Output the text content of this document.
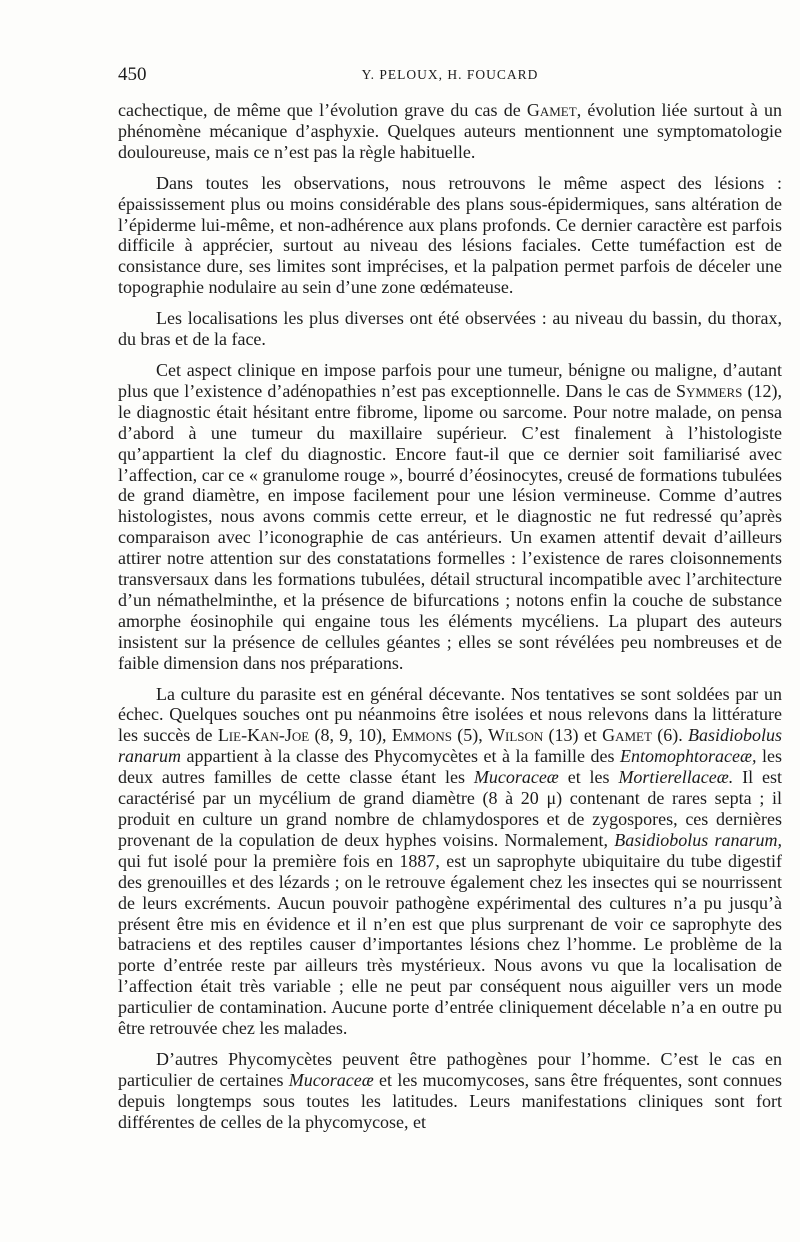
450	Y. PELOUX, H. FOUCARD

cachectique, de même que l’évolution grave du cas de Gamet, évolution liée surtout à un phénomène mécanique d’asphyxie. Quelques auteurs mentionnent une symptomatologie douloureuse, mais ce n’est pas la règle habituelle.

Dans toutes les observations, nous retrouvons le même aspect des lésions : épaississement plus ou moins considérable des plans sous-épidermiques, sans altération de l’épiderme lui-même, et non-adhérence aux plans profonds. Ce dernier caractère est parfois difficile à apprécier, surtout au niveau des lésions faciales. Cette tuméfaction est de consistance dure, ses limites sont imprécises, et la palpation permet parfois de déceler une topographie nodulaire au sein d’une zone œdémateuse.

Les localisations les plus diverses ont été observées : au niveau du bassin, du thorax, du bras et de la face.

Cet aspect clinique en impose parfois pour une tumeur, bénigne ou maligne, d’autant plus que l’existence d’adénopathies n’est pas exceptionnelle. Dans le cas de Symmers (12), le diagnostic était hésitant entre fibrome, lipome ou sarcome. Pour notre malade, on pensa d’abord à une tumeur du maxillaire supérieur. C’est finalement à l’histologiste qu’appartient la clef du diagnostic. Encore faut-il que ce dernier soit familiarisé avec l’affection, car ce « granulome rouge », bourré d’éosinocytes, creusé de formations tubulées de grand diamètre, en impose facilement pour une lésion vermineuse. Comme d’autres histologistes, nous avons commis cette erreur, et le diagnostic ne fut redressé qu’après comparaison avec l’iconographie de cas antérieurs. Un examen attentif devait d’ailleurs attirer notre attention sur des constatations formelles : l’existence de rares cloisonnements transversaux dans les formations tubulées, détail structural incompatible avec l’architecture d’un némathelminthe, et la présence de bifurcations ; notons enfin la couche de substance amorphe éosinophile qui engaine tous les éléments mycéliens. La plupart des auteurs insistent sur la présence de cellules géantes ; elles se sont révélées peu nombreuses et de faible dimension dans nos préparations.

La culture du parasite est en général décevante. Nos tentatives se sont soldées par un échec. Quelques souches ont pu néanmoins être isolées et nous relevons dans la littérature les succès de Lie-Kan-Joe (8, 9, 10), Emmons (5), Wilson (13) et Gamet (6). Basidiobolus ranarum appartient à la classe des Phycomycètes et à la famille des Entomophtoraceæ, les deux autres familles de cette classe étant les Mucoraceæ et les Mortierellaceæ. Il est caractérisé par un mycélium de grand diamètre (8 à 20 μ) contenant de rares septa ; il produit en culture un grand nombre de chlamydospores et de zygospores, ces dernières provenant de la copulation de deux hyphes voisins. Normalement, Basidiobolus ranarum, qui fut isolé pour la première fois en 1887, est un saprophyte ubiquitaire du tube digestif des grenouilles et des lézards ; on le retrouve également chez les insectes qui se nourrissent de leurs excréments. Aucun pouvoir pathogène expérimental des cultures n’a pu jusqu’à présent être mis en évidence et il n’en est que plus surprenant de voir ce saprophyte des batraciens et des reptiles causer d’importantes lésions chez l’homme. Le problème de la porte d’entrée reste par ailleurs très mystérieux. Nous avons vu que la localisation de l’affection était très variable ; elle ne peut par conséquent nous aiguiller vers un mode particulier de contamination. Aucune porte d’entrée cliniquement décelable n’a en outre pu être retrouvée chez les malades.

D’autres Phycomycètes peuvent être pathogènes pour l’homme. C’est le cas en particulier de certaines Mucoraceæ et les mucomycoses, sans être fréquentes, sont connues depuis longtemps sous toutes les latitudes. Leurs manifestations cliniques sont fort différentes de celles de la phycomycose, et
